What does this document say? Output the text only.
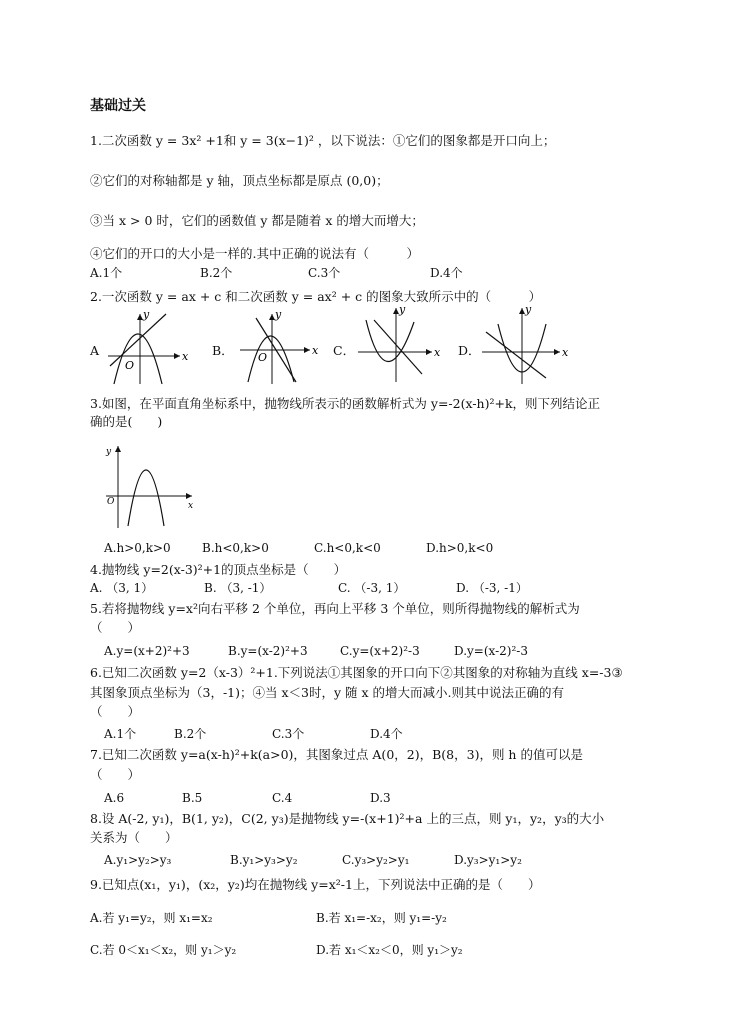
基础过关
1.二次函数 y = 3x² +1和 y = 3(x−1)² ，以下说法：①它们的图象都是开口向上；
②它们的对称轴都是 y 轴，顶点坐标都是原点 (0,0)；
③当 x > 0 时，它们的函数值 y 都是随着 x 的增大而增大；
④它们的开口的大小是一样的.其中正确的说法有（　　　）
A.1个	B.2个	C.3个	D.4个
2.一次函数 y = ax + c 和二次函数 y = ax² + c 的图象大致所示中的（　　　）
A	x
y
O
B．	x
y
O	C．	x
y
D．	x
y
3.如图，在平面直角坐标系中，抛物线所表示的函数解析式为 y=-2(x-h)²+k，则下列结论正
确的是(　　)
x
y
O
A.h>0,k>0	B.h<0,k>0	C.h<0,k<0	D.h>0,k<0
4.抛物线 y=2(x-3)²+1的顶点坐标是（　　）
A. （3, 1）	B. （3, -1）	C. （-3, 1）	D. （-3, -1）
5.若将抛物线 y=x²向右平移 2 个单位，再向上平移 3 个单位，则所得抛物线的解析式为
（　　）
A.y=(x+2)²+3	B.y=(x-2)²+3	C.y=(x+2)²-3	D.y=(x-2)²-3
6.已知二次函数 y=2（x-3）²+1.下列说法①其图象的开口向下②其图象的对称轴为直线 x=-3③
其图象顶点坐标为（3，-1)；④当 x＜3时，y 随 x 的增大而减小.则其中说法正确的有
（　　）
A.1个	B.2个	C.3个	D.4个
7.已知二次函数 y=a(x-h)²+k(a>0)，其图象过点 A(0，2)，B(8，3)，则 h 的值可以是
（　　）
A.6	B.5	C.4	D.3
8.设 A(-2, y₁)，B(1, y₂)，C(2, y₃)是抛物线 y=-(x+1)²+a 上的三点，则 y₁，y₂，y₃的大小
关系为（　　）
A.y₁>y₂>y₃	B.y₁>y₃>y₂	C.y₃>y₂>y₁	D.y₃>y₁>y₂
9.已知点(x₁，y₁)，(x₂，y₂)均在抛物线 y=x²-1上，下列说法中正确的是（　　）
A.若 y₁=y₂，则 x₁=x₂	B.若 x₁=-x₂，则 y₁=-y₂
C.若 0＜x₁＜x₂，则 y₁＞y₂	D.若 x₁＜x₂＜0，则 y₁＞y₂
